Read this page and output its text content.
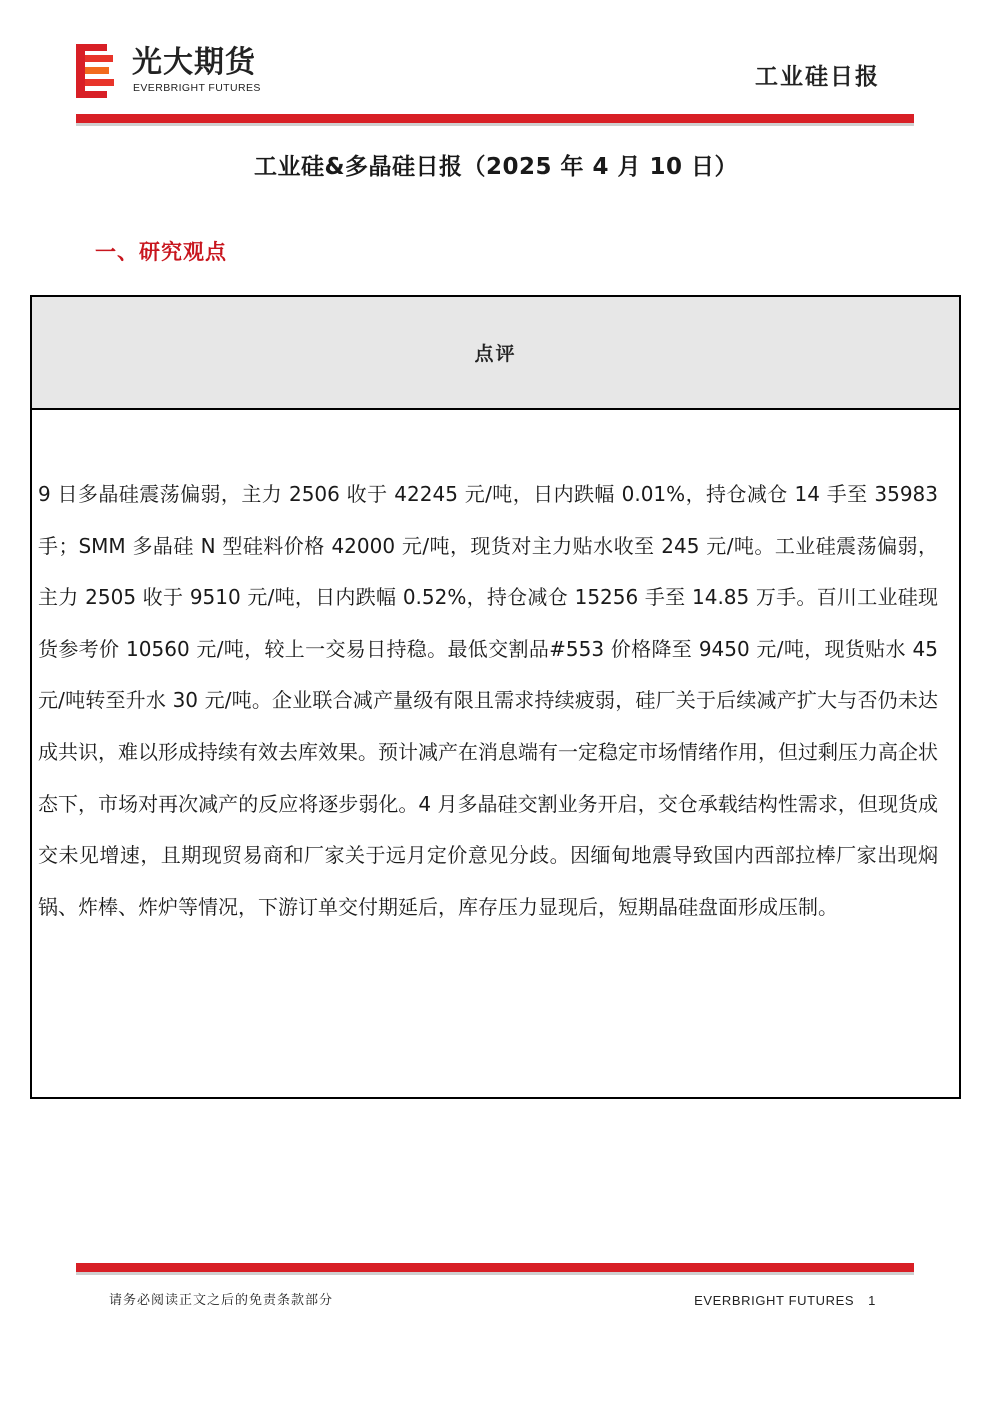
光大期货
EVERBRIGHT FUTURES	工业硅日报
工业硅&多晶硅日报（2025 年 4 月 10 日）
一、研究观点
点评

9 日多晶硅震荡偏弱，主力 2506 收于 42245 元/吨，日内跌幅 0.01%，持仓减仓 14 手至 35983 手；SMM 多晶硅 N 型硅料价格 42000 元/吨，现货对主力贴水收至 245 元/吨。工业硅震荡偏弱，主力 2505 收于 9510 元/吨，日内跌幅 0.52%，持仓减仓 15256 手至 14.85 万手。百川工业硅现货参考价 10560 元/吨，较上一交易日持稳。最低交割品#553 价格降至 9450 元/吨，现货贴水 45 元/吨转至升水 30 元/吨。企业联合减产量级有限且需求持续疲弱，硅厂关于后续减产扩大与否仍未达成共识，难以形成持续有效去库效果。预计减产在消息端有一定稳定市场情绪作用，但过剩压力高企状态下，市场对再次减产的反应将逐步弱化。4 月多晶硅交割业务开启，交仓承载结构性需求，但现货成交未见增速，且期现贸易商和厂家关于远月定价意见分歧。因缅甸地震导致国内西部拉棒厂家出现焖锅、炸棒、炸炉等情况，下游订单交付期延后，库存压力显现后，短期晶硅盘面形成压制。

请务必阅读正文之后的免责条款部分	EVERBRIGHT FUTURES 1
